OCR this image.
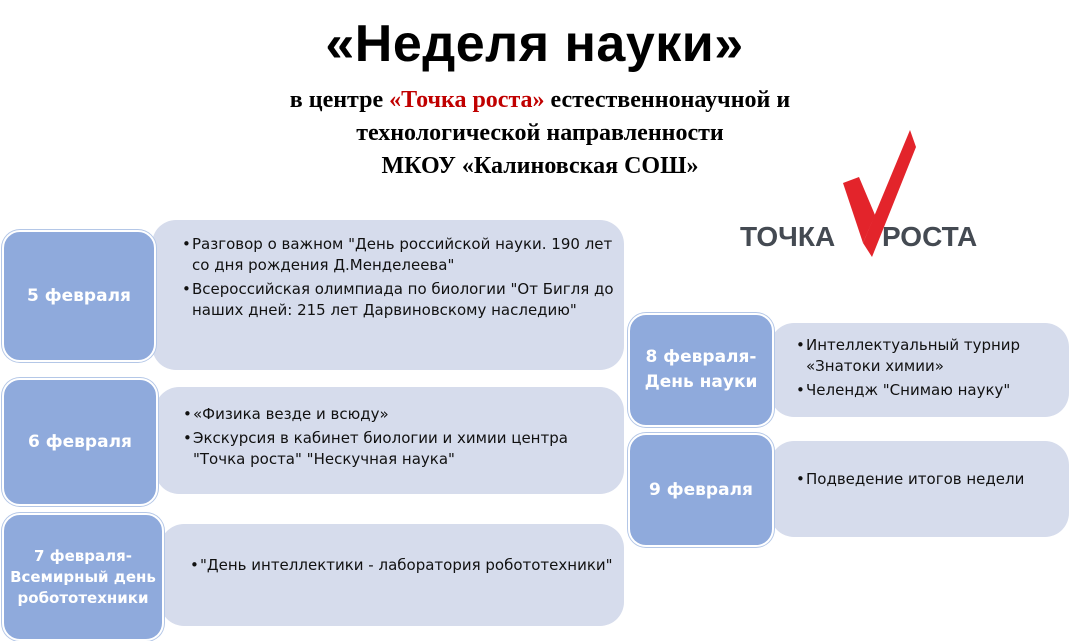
«Неделя науки»
в центре «Точка роста» естественнонаучной и
технологической направленности
МКОУ «Калиновская СОШ»
ТОЧКА РОСТА
• Разговор о важном "День российской науки. 190 лет со дня рождения Д.Менделеева"
• Всероссийская олимпиада по биологии "От Бигля до наших дней: 215 лет Дарвиновскому наследию"
5 февраля
• «Физика везде и всюду»
• Экскурсия в кабинет биологии и химии центра "Точка роста" "Нескучная наука"
6 февраля
• "День интеллектики - лаборатория робототехники"
7 февраля- Всемирный день робототехники
• Интеллектуальный турнир «Знатоки химии»
• Челендж "Снимаю науку"
8 февраля- День науки
• Подведение итогов недели
9 февраля
